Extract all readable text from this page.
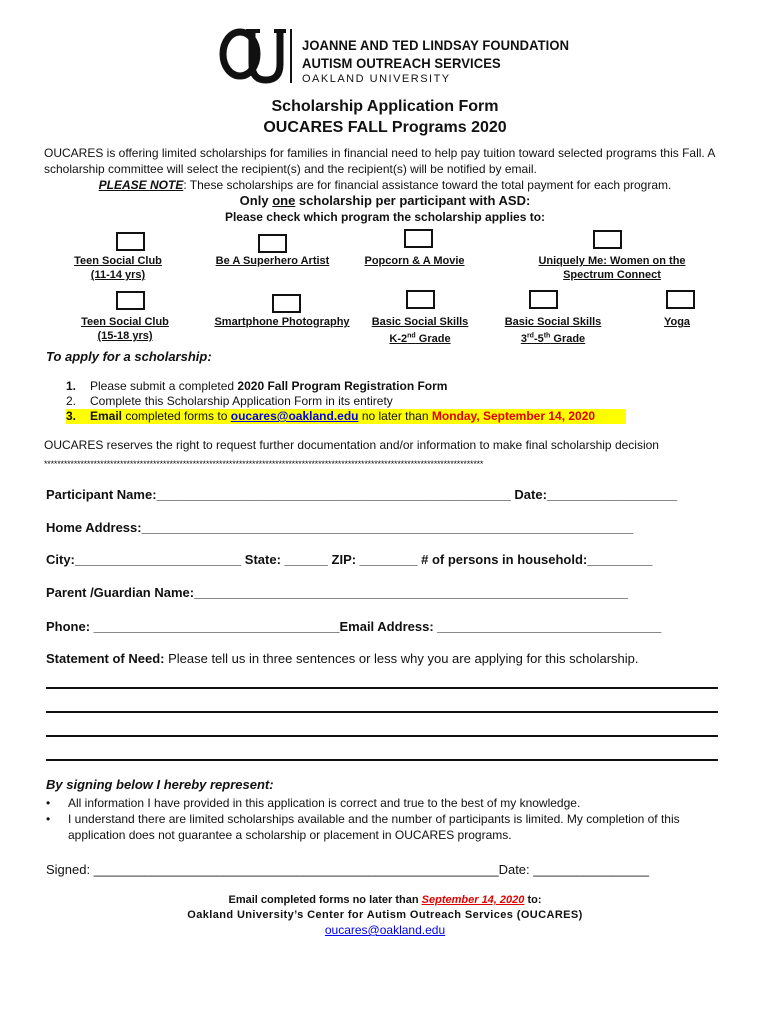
JOANNE AND TED LINDSAY FOUNDATION
AUTISM OUTREACH SERVICES
OAKLAND UNIVERSITY
Scholarship Application Form
OUCARES FALL Programs 2020
OUCARES is offering limited scholarships for families in financial need to help pay tuition toward selected programs this Fall. A scholarship committee will select the recipient(s) and the recipient(s) will be notified by email.
PLEASE NOTE: These scholarships are for financial assistance toward the total payment for each program.
Only one scholarship per participant with ASD:
Please check which program the scholarship applies to:
Teen Social Club
(11-14 yrs)
Be A Superhero Artist	Popcorn & A Movie	Uniquely Me: Women on the
Spectrum Connect
Teen Social Club
(15-18 yrs)
Smartphone Photography	Basic Social Skills
K-2nd Grade
Basic Social Skills
3rd-5th Grade
Yoga
To apply for a scholarship:
1.	Please submit a completed 2020 Fall Program Registration Form
2.	Complete this Scholarship Application Form in its entirety
3.	Email completed forms to oucares@oakland.edu no later than Monday, September 14, 2020
OUCARES reserves the right to request further documentation and/or information to make final scholarship decision
*************************************************************************************************************************************
Participant Name:_________________________________________________ Date:__________________
Home Address:____________________________________________________________________
City:_______________________ State: ______ ZIP: ________ # of persons in household:_________
Parent /Guardian Name:____________________________________________________________
Phone: __________________________________Email Address: _______________________________
Statement of Need: Please tell us in three sentences or less why you are applying for this scholarship.
By signing below I hereby represent:
•	All information I have provided in this application is correct and true to the best of my knowledge.
•	I understand there are limited scholarships available and the number of participants is limited. My completion of this application does not guarantee a scholarship or placement in OUCARES programs.
Signed: ________________________________________________________Date: ________________
Email completed forms no later than September 14, 2020 to:
Oakland University’s Center for Autism Outreach Services (OUCARES)
oucares@oakland.edu
